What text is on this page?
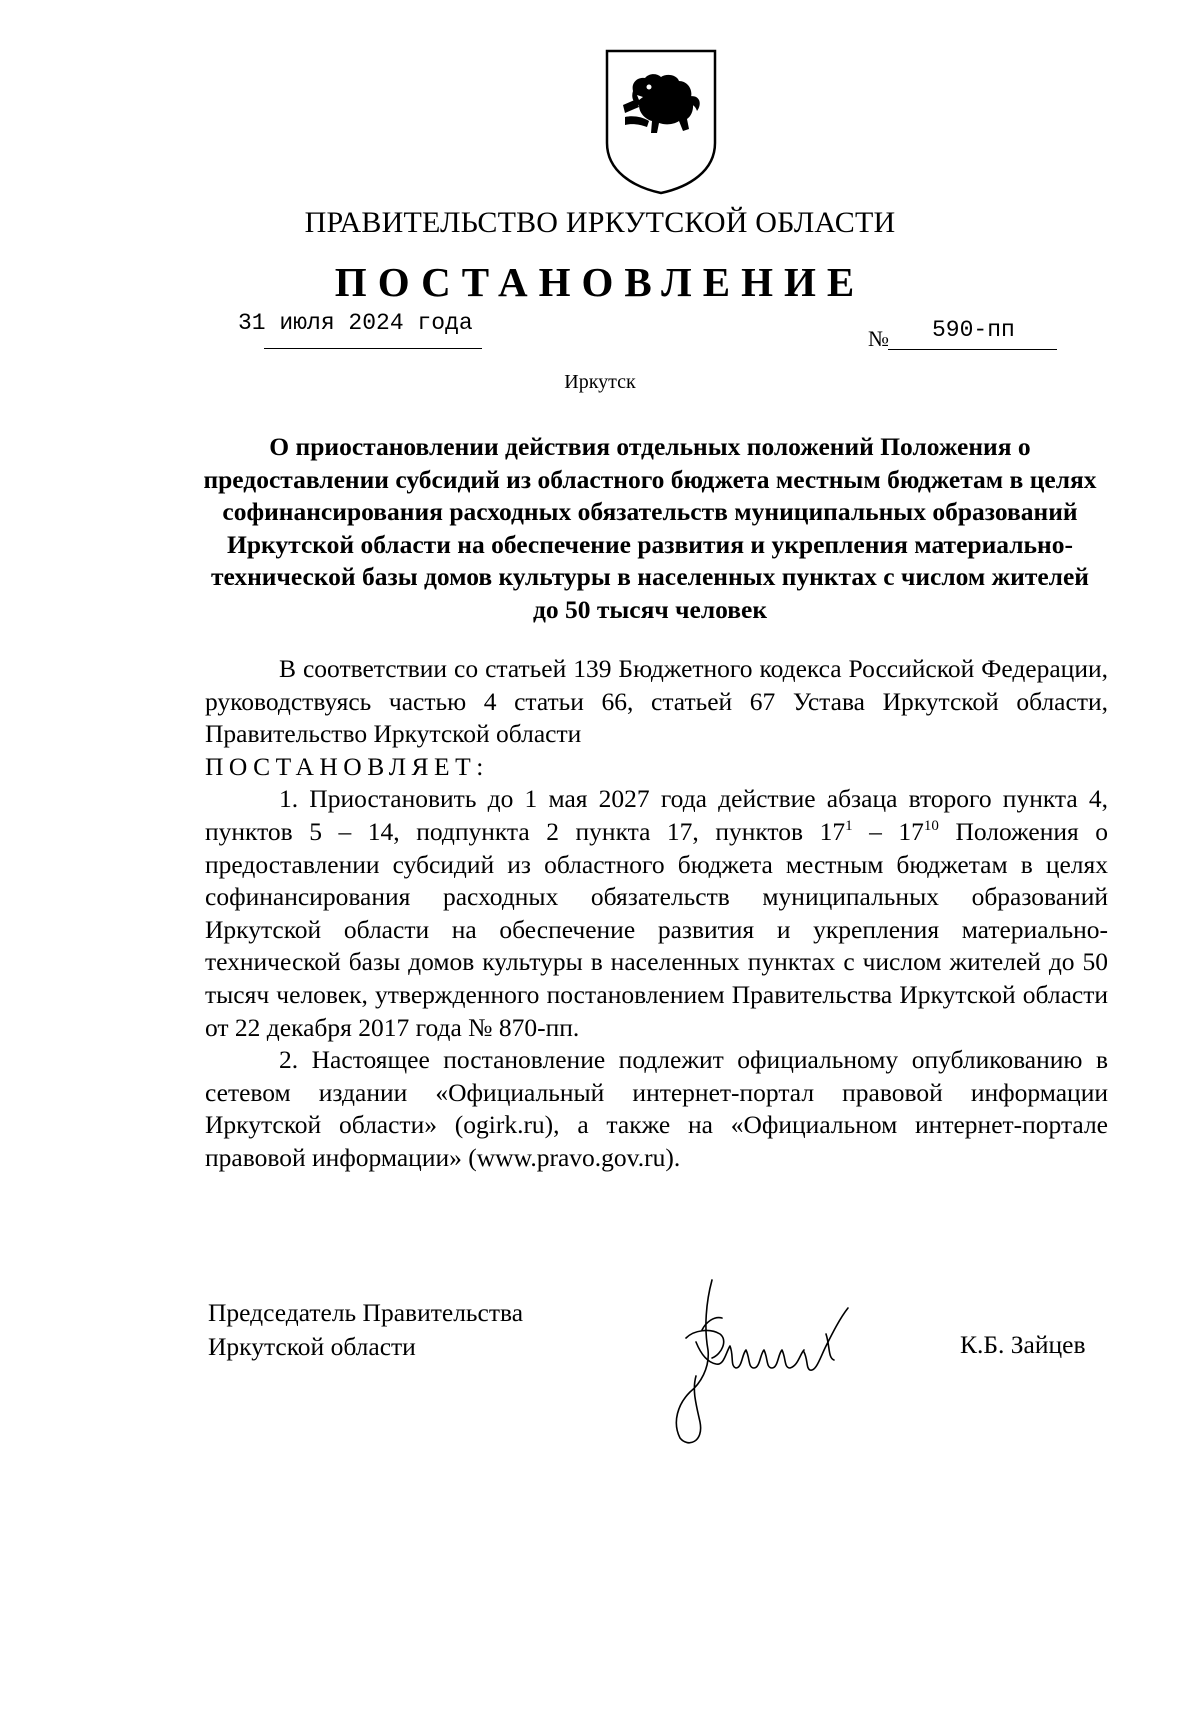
ПРАВИТЕЛЬСТВО ИРКУТСКОЙ ОБЛАСТИ
ПОСТАНОВЛЕНИЕ
31 июля 2024 года
№ 590-пп
Иркутск
О приостановлении действия отдельных положений Положения о предоставлении субсидий из областного бюджета местным бюджетам в целях софинансирования расходных обязательств муниципальных образований Иркутской области на обеспечение развития и укрепления материально-технической базы домов культуры в населенных пунктах с числом жителей до 50 тысяч человек

В соответствии со статьей 139 Бюджетного кодекса Российской Федерации, руководствуясь частью 4 статьи 66, статьей 67 Устава Иркутской области, Правительство Иркутской области

ПОСТАНОВЛЯЕТ:

1. Приостановить до 1 мая 2027 года действие абзаца второго пункта 4, пунктов 5 – 14, подпункта 2 пункта 17, пунктов $17^1 - 17^{10}$ Положения о предоставлении субсидий из областного бюджета местным бюджетам в целях софинансирования расходных обязательств муниципальных образований Иркутской области на обеспечение развития и укрепления материально-технической базы домов культуры в населенных пунктах с числом жителей до 50 тысяч человек, утвержденного постановлением Правительства Иркутской области от 22 декабря 2017 года № 870-пп.

2. Настоящее постановление подлежит официальному опубликованию в сетевом издании «Официальный интернет-портал правовой информации Иркутской области» (ogirk.ru), а также на «Официальном интернет-портале правовой информации» (www.pravo.gov.ru).

Председатель Правительства
Иркутской области	К.Б. Зайцев
